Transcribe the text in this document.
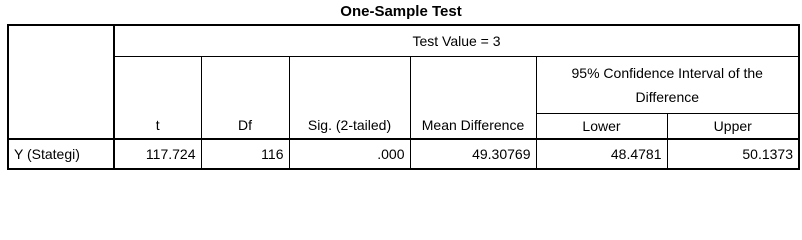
One-Sample Test
	Test Value = 3					
	t	Df	Sig. (2-tailed)	Mean Difference	95% Confidence Interval of the
Difference	

					Lower	Upper
Y (Stategi)	117.724	116	.000	49.30769	48.4781	50.1373
